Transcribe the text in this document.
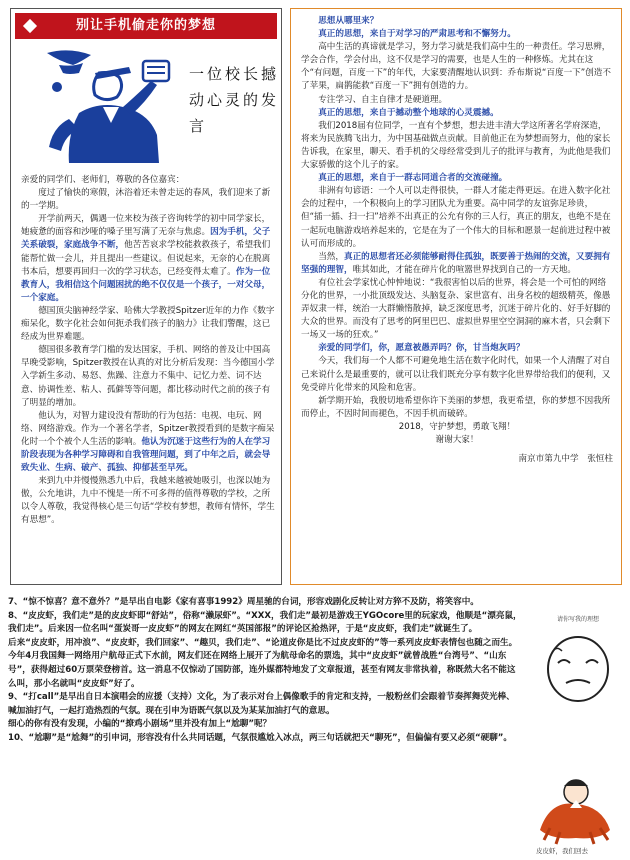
别让手机偷走你的梦想
一位校长撼动心灵的发言

亲爱的同学们、老师们，尊敬的各位嘉宾：

度过了愉快的寒假，沐浴着还未曾走远的春风，我们迎来了新的一学期。

开学前两天，偶遇一位来校为孩子咨询转学的初中同学家长，她疲惫的面容和沙哑的嗓子里写满了无奈与焦虑。因为手机，父子关系破裂，家庭战争不断，他苦苦哀求学校能救救孩子，希望我们能帮忙做一会儿，并且提出一些建议。但说起来，无奈的心在脱离书本后，想要再回归一次的学习状态，已经变得太难了。作为一位教育人，我相信这个问题困扰的绝不仅仅是一个孩子，一对父母，一个家庭。

德国顶尖脑神经学家、哈佛大学教授Spitzer近年的力作《数字痴呆化，数字化社会如何扼杀我们孩子的脑力》让我们警醒，这已经成为世界难题。

德国很多教育学门槛的发达国家，手机、网络的普及让中国高早晚受影响，Spitzer教授在认真的对比分析后发现：当今德国小学入学新生多动、易怒、焦躁、注意力不集中、记忆力差、词不达意、协调性差、粘人、孤僻等等问题，都比移动时代之前的孩子有了明显的增加。

他认为，对智力建设没有帮助的行为包括：电视、电玩、网络、网络游戏。作为一个著名学者，Spitzer教授看到的是数字痴呆化时一个个被个人生活的影响。他认为沉迷于这些行为的人在学习阶段表现为各种学习障碍和自我管理问题，到了中年之后，就会导致失业、生病、破产、孤独、抑郁甚至早死。

来到九中并慢慢熟悉九中后，我越来越被她吸引，也深以她为傲，公允地讲，九中不愧是一所不可多得的值得尊敬的学校，之所以令人尊敬，我觉得核心是三句话“学校有梦想，教师有情怀，学生有思想”。

思想从哪里来？

真正的思想，来自于对学习的严肃思考和不懈努力。

高中生活的真谛就是学习，努力学习就是我们高中生的一种责任。学习思辨，学会合作，学会付出，这不仅是学习的需要，也是人生的一种修炼。尤其在这个“有问题，百度一下”的年代，大家要清醒地认识到：乔布斯说“百度一下”创造不了苹果，扁鹊能救“百度一下”拥有创造的力。

专注学习、自主自律才是硬道理。

真正的思想，来自于撼动整个地球的心灵震撼。

我们2018届有位同学，一直有个梦想，想去进丰清大学这所著名学府深造，将来为民族腾飞出力，为中国基础做点贡献。目前他正在为梦想而努力，他的家长告诉我，在家里，聊天、看手机的父母经常受到儿子的批评与教育，为此他是我们大家骄傲的这个儿子的家。

真正的思想，来自于一群志同道合者的交流碰撞。

非洲有句谚语：一个人可以走得很快，一群人才能走得更远。在进入数字化社会的过程中，一个积极向上的学习团队尤为重要。高中同学的友谊弥足珍贵，但“插一插、扫一扫”培养不出真正的公允有你的三人行，真正的朋友，也绝不是在一起玩电脑游戏培养起来的，它是在为了一个伟大的目标和愿景一起前进过程中被认可而形成的。

当然，真正的思想者还必须能够耐得住孤独，既要善于热闹的交流，又要拥有坚强的理智，唯其如此，才能在碎片化的喧嚣世界找到自己的一方天地。

有位社会学家忧心忡忡地说：“我很害怕以后的世界，将会是一个可怕的网络分化的世界，一小批顶级发达、头脑复杂、家世富有、出身名校的超级精英，像愚弄奴隶一样，统治一大群懒惰散掉，缺乏深度思考，沉迷于碎片化的、好手好脚的大众的世界。而没有了思考的阿里巴巴、虚拟世界里空空洞洞的麻木者，只会剩下一场又一场的狂欢。”

亲爱的同学们，你，愿意被愚弄吗？你，甘当炮灰吗？

今天，我们每一个人都不可避免地生活在数字化时代，如果一个人清醒了对自己来说什么是最重要的，就可以让我们既充分享有数字化世界带给我们的便利，又免受碎片化带来的风险和危害。

新学期开始，我殷切地希望你许下美丽的梦想，我更希望，你的梦想不因我所而停止，不因时间而褪色，不因手机而破碎。

2018，守护梦想，勇敢飞翔！

谢谢大家！

南京市第九中学　张恒柱

7、“惊不惊喜？意不意外？”是早出自电影《家有喜事1992》周星驰的台词，形容戏剧化反转让对方猝不及防，将笑容中。

8、“皮皮虾，我们走”是的皮皮虾即“舒站”，俗称“濑尿虾”。“XXX，我们走”最初是游戏王YGOcore里的玩家戏，他顺是“漂亮鼠，我们走”。后来因一位名叫“蛋炭哥一皮皮虾”的网友在网红“英国部报”的评论区抢热评，于是“皮皮虾，我们走”就诞生了。

后来“皮皮虾，用冲浪”、“皮皮虾，我们回家”、“趣贝，我们走”、“论道皮你是比不过皮皮虾的”等一系列皮皮虾表情包也随之而生。

今年4月我国舞一网络用户航母正式下水前，网友们还在网络上展开了为航母命名的票选，其中“皮皮虾”就曾战胜“台湾号”、“山东号”，获得超过60万票荣登榜首。这一消息不仅惊动了国防部，连外媒都特地发了文章报道，甚至有网友非常执着，称既然大名不能这么叫，那小名就叫“皮皮虾”好了。

9、“打call”是早出自日本演唱会的应援（支持）文化，为了表示对台上偶像歌手的肯定和支持，一般粉丝们会跟着节奏挥舞荧光棒、喊加油打气，一起打造热烈的气氛。现在引申为语既气氛以及为某某加油打气的意思。

细心的你有没有发现，小编的“撩鸡小剧场”里并没有加上“尬聊”呢？

10、“尬聊”是“尬舞”的引申词，形容没有什么共同话题，气氛很尴尬入冰点，两三句话就把天“聊死”，但偏偏有要又必须“硬聊”。

请你写我的理想
皮皮虾，我们回去
